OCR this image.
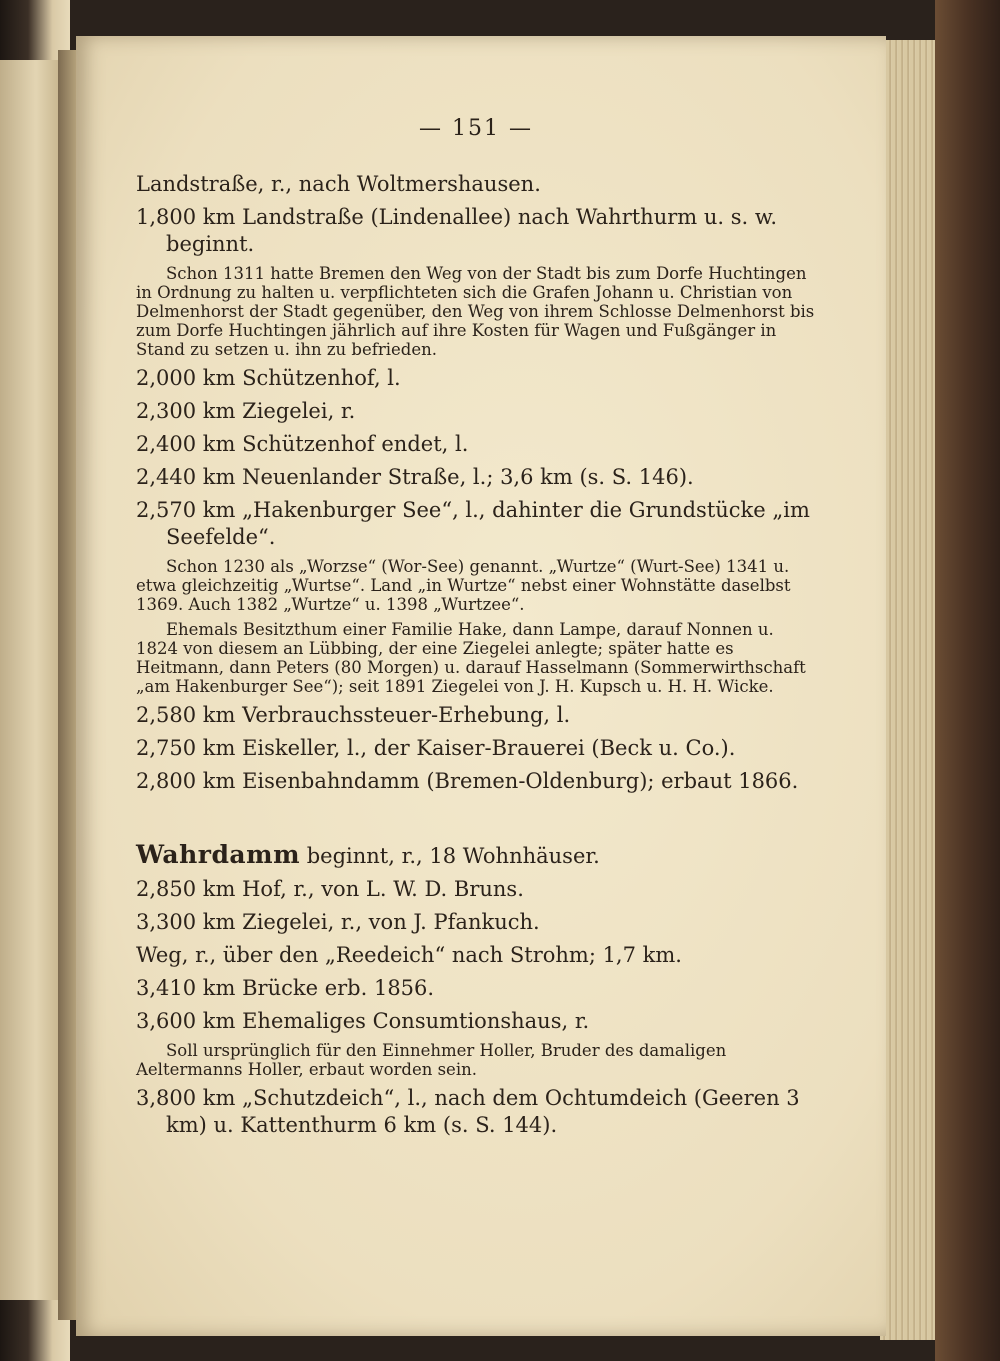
— 151 —

Landstraße, r., nach Woltmershausen.

1,800 km Landstraße (Lindenallee) nach Wahrthurm u. s. w. beginnt.

Schon 1311 hatte Bremen den Weg von der Stadt bis zum Dorfe Huchtingen in Ordnung zu halten u. verpflichteten sich die Grafen Johann u. Christian von Delmenhorst der Stadt gegenüber, den Weg von ihrem Schlosse Delmenhorst bis zum Dorfe Huchtingen jährlich auf ihre Kosten für Wagen und Fußgänger in Stand zu setzen u. ihn zu befrieden.

2,000 km Schützenhof, l.

2,300 km Ziegelei, r.

2,400 km Schützenhof endet, l.

2,440 km Neuenlander Straße, l.; 3,6 km (s. S. 146).

2,570 km „Hakenburger See“, l., dahinter die Grundstücke „im Seefelde“.

Schon 1230 als „Worzse“ (Wor-See) genannt. „Wurtze“ (Wurt-See) 1341 u. etwa gleichzeitig „Wurtse“. Land „in Wurtze“ nebst einer Wohnstätte daselbst 1369. Auch 1382 „Wurtze“ u. 1398 „Wurtzee“.

Ehemals Besitzthum einer Familie Hake, dann Lampe, darauf Nonnen u. 1824 von diesem an Lübbing, der eine Ziegelei anlegte; später hatte es Heitmann, dann Peters (80 Morgen) u. darauf Hasselmann (Sommerwirthschaft „am Hakenburger See“); seit 1891 Ziegelei von J. H. Kupsch u. H. H. Wicke.

2,580 km Verbrauchssteuer-Erhebung, l.

2,750 km Eiskeller, l., der Kaiser-Brauerei (Beck u. Co.).

2,800 km Eisenbahndamm (Bremen-Oldenburg); erbaut 1866.

Wahrdamm beginnt, r., 18 Wohnhäuser.

2,850 km Hof, r., von L. W. D. Bruns.

3,300 km Ziegelei, r., von J. Pfankuch.

Weg, r., über den „Reedeich“ nach Strohm; 1,7 km.

3,410 km Brücke erb. 1856.

3,600 km Ehemaliges Consumtionshaus, r.

Soll ursprünglich für den Einnehmer Holler, Bruder des damaligen Aeltermanns Holler, erbaut worden sein.

3,800 km „Schutzdeich“, l., nach dem Ochtumdeich (Geeren 3 km) u. Kattenthurm 6 km (s. S. 144).
